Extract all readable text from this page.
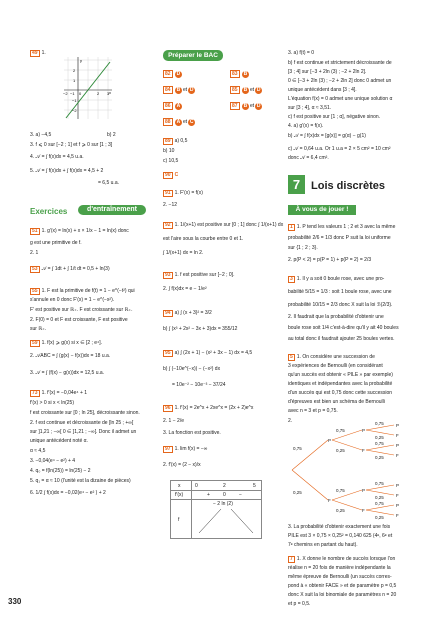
49 1.
y
x
2
1
−2 −1 0	2 3
−1
−2
3. a) −4,5	b) 2
3. f ⩽ 0 sur [−2 ; 1] et f ⩾ 0 sur [1 ; 3]
4. 𝒜 = ∫ f(x)dx = 4,5 u.a.
5. 𝒜 = ∫ f(x)dx + ∫ f(x)dx = 4,5 + 2
= 6,5 u.a.
Exercices	d'entraînement
51 1. g′(x) = ln(x) + x × 1/x − 1 = ln(x) donc
g est une primitive de f.
2. 1
53 𝒜 = ∫ 1dt + ∫ 1/t dt = 0,5 + ln(3)
55 1. F est la primitive de f(t) = 1 − e^(−t²) qui
s'annule en 0 donc F′(x) = 1 − e^(−x²).
F′ est positive sur ℝ₊. F est croissante sur ℝ₊.
2. F(0) = 0 et F est croissante, F est positive
sur ℝ₊.
59 1. f(x) ⩾ g(x) si x ∈ [2 ; e⁴].
2. 𝒜ABC = ∫ (g(x) − f(x))dx = 18 u.a.
3. 𝒜 = ∫ (f(x) − g(x))dx = 12,5 u.a.
73 1. f′(x) = −0,04e⁴ + 1
f′(x) > 0 si x < ln(25)
f est croissante sur [0 ; ln 25], décroissante sinon.
2. f est continue et décroissante de [ln 25 ; +∞[
sur ]1,21 ; −∞[ 0 ∈ ]1,21 ; −∞[. Donc il admet un
unique antécédent noté α.
α ≈ 4,5
3. −0,04(e⁴ − e²) + 4
4. q₀ = f(ln(25)) = ln(25) − 2
5. q₁ = α ≈ 10 (l'unité est la dizaine de pièces)
6. 1/2 ∫ f(x)dx = −0,02(e⁴ − e² ) + 2
Préparer le BAC
82 D	83 B
84 B et D	85 B et D
86 A	87 B et D
88 A et C
89 a) 0,5
b) 10
c) 10,5
90 C
91 1. F′(x) = f(x)
2. −12
92 1. 1/(x+1) est positive sur [0 ; 1] donc ∫ 1/(x+1) dx
est l'aire sous la courbe entre 0 et 1.
∫ 1/(x+1) dx = ln 2.
93 1. f est positive sur [−2 ; 0].
2. ∫ f(x)dx = e − 1/e²
94 a) ∫ (x + 3)² = 3/2
b) ∫ (x³ + 2x² − 3x + 3)dx = 355/12
95 a) ∫ (2x + 1) − (x² + 3x − 1) dx = 4,5
b) ∫ (−10e^(−x)) − (−x²) dx
= 10e⁻² − 10e⁻³ − 37/24
96 1. f′(x) = 2e^x + 2xe^x = (2x + 2)e^x
2. 1 − 2/e
3. La fonction est positive.
97 1. lim f(x) = −∞
2. f′(x) = (2 − x)/x
x	0	2	5
f′(x)	+	0	−
f
− 2 ln (2)
3. a) f(t) = 0
b) f est continue et strictement décroissante de
[3 ; 4] sur [−3 + 2ln (3) ; −2 + 2ln 2].
0 ∈ [−3 + 2ln (3) ; −2 + 2ln 2] donc 0 admet un
unique antécédent dans [3 ; 4].
L'équation f(x) = 0 admet une unique solution α
sur [3 ; 4], α ≈ 3,51.
c) f est positive sur [1 ; α], négative sinon.
4. a) g′(x) = f(x).
b) 𝒜 = ∫ f(x)dx = [g(x)] = g(α) − g(1)
c) 𝒜 = 0,64 u.a. Or 1 u.a = 2 × 5 cm² = 10 cm²
donc 𝒜 = 6,4 cm².
7 Lois discrètes
À vous de jouer !
1 1. P tend les valeurs 1 ; 2 et 3 avec la même
probabilité 2/6 = 1/3 donc P suit la loi uniforme
sur {1 ; 2 ; 3}.
2. p(P < 2) = p(P = 1) + p(P = 2) = 2/3
3 1. Il y a soit 0 boule rose, avec une pro-
babilité 5/15 = 1/3 : soit 1 boule rose, avec une
probabilité 10/15 = 2/3 donc X suit la loi ℬ(2/3).
2. Il faudrait que la probabilité d'obtenir une
boule rose soit 1/4 c'est-à-dire qu'il y ait 40 boules
au total donc il faudrait ajouter 25 boules vertes.
5 1. On considère une succession de
3 expériences de Bernoulli (en considérant
qu'un succès est obtenir « PILE » par exemple)
identiques et indépendantes avec la probabilité
d'un succès qui est 0,75 donc cette succession
d'épreuves est bien un schéma de Bernoulli
avec n = 3 et p = 0,75.
2.
0,75
0,25
P
F
0,75
0,25
0,75
0,25
P
F
P
F
0,75
0,25
0,75
0,25
0,75
0,25
0,75
0,25
P
F
P
F
P
F
P
F
3. La probabilité d'obtenir exactement une fois
PILE est 3 × 0,75 × 0,25² = 0,140 625 (4ᵉ, 6ᵉ et
7ᵉ chemins en partant du haut).
7 1. X donne le nombre de succès lorsque l'on
réalise n = 20 fois de manière indépendante la
même épreuve de Bernoulli (un succès corres-
pond à « obtenir FACE » et de paramètre p = 0,5
donc X suit la loi binomiale de paramètres n = 20
et p = 0,5.
330
